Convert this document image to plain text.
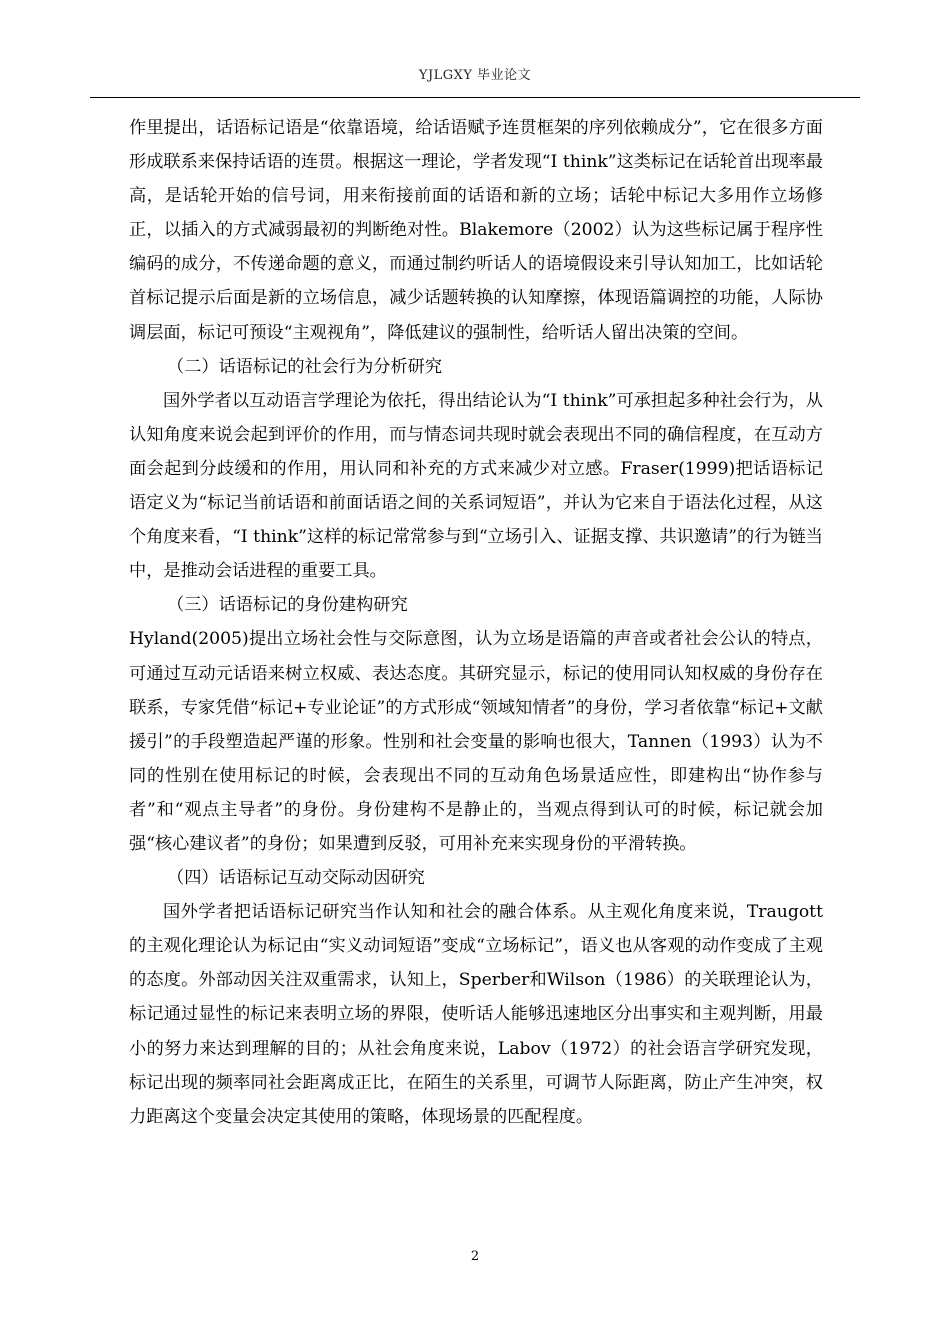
YJLGXY 毕业论文

作里提出，话语标记语是“依靠语境，给话语赋予连贯框架的序列依赖成分”，它在很多方面形成联系来保持话语的连贯。根据这一理论，学者发现“I think”这类标记在话轮首出现率最高，是话轮开始的信号词，用来衔接前面的话语和新的立场；话轮中标记大多用作立场修正，以插入的方式减弱最初的判断绝对性。Blakemore（2002）认为这些标记属于程序性编码的成分，不传递命题的意义，而通过制约听话人的语境假设来引导认知加工，比如话轮首标记提示后面是新的立场信息，减少话题转换的认知摩擦，体现语篇调控的功能，人际协调层面，标记可预设“主观视角”，降低建议的强制性，给听话人留出决策的空间。

（二）话语标记的社会行为分析研究

国外学者以互动语言学理论为依托，得出结论认为“I think”可承担起多种社会行为，从认知角度来说会起到评价的作用，而与情态词共现时就会表现出不同的确信程度，在互动方面会起到分歧缓和的作用，用认同和补充的方式来减少对立感。Fraser(1999)把话语标记语定义为“标记当前话语和前面话语之间的关系词短语”，并认为它来自于语法化过程，从这个角度来看，“I think”这样的标记常常参与到“立场引入、证据支撑、共识邀请”的行为链当中，是推动会话进程的重要工具。

（三）话语标记的身份建构研究

Hyland(2005)提出立场社会性与交际意图，认为立场是语篇的声音或者社会公认的特点，可通过互动元话语来树立权威、表达态度。其研究显示，标记的使用同认知权威的身份存在联系，专家凭借“标记+专业论证”的方式形成“领域知情者”的身份，学习者依靠“标记+文献援引”的手段塑造起严谨的形象。性别和社会变量的影响也很大，Tannen（1993）认为不同的性别在使用标记的时候，会表现出不同的互动角色场景适应性，即建构出“协作参与者”和“观点主导者”的身份。身份建构不是静止的，当观点得到认可的时候，标记就会加强“核心建议者”的身份；如果遭到反驳，可用补充来实现身份的平滑转换。

（四）话语标记互动交际动因研究

国外学者把话语标记研究当作认知和社会的融合体系。从主观化角度来说，Traugott的主观化理论认为标记由“实义动词短语”变成“立场标记”，语义也从客观的动作变成了主观的态度。外部动因关注双重需求，认知上，Sperber和Wilson（1986）的关联理论认为，标记通过显性的标记来表明立场的界限，使听话人能够迅速地区分出事实和主观判断，用最小的努力来达到理解的目的；从社会角度来说，Labov（1972）的社会语言学研究发现，标记出现的频率同社会距离成正比，在陌生的关系里，可调节人际距离，防止产生冲突，权力距离这个变量会决定其使用的策略，体现场景的匹配程度。

2
